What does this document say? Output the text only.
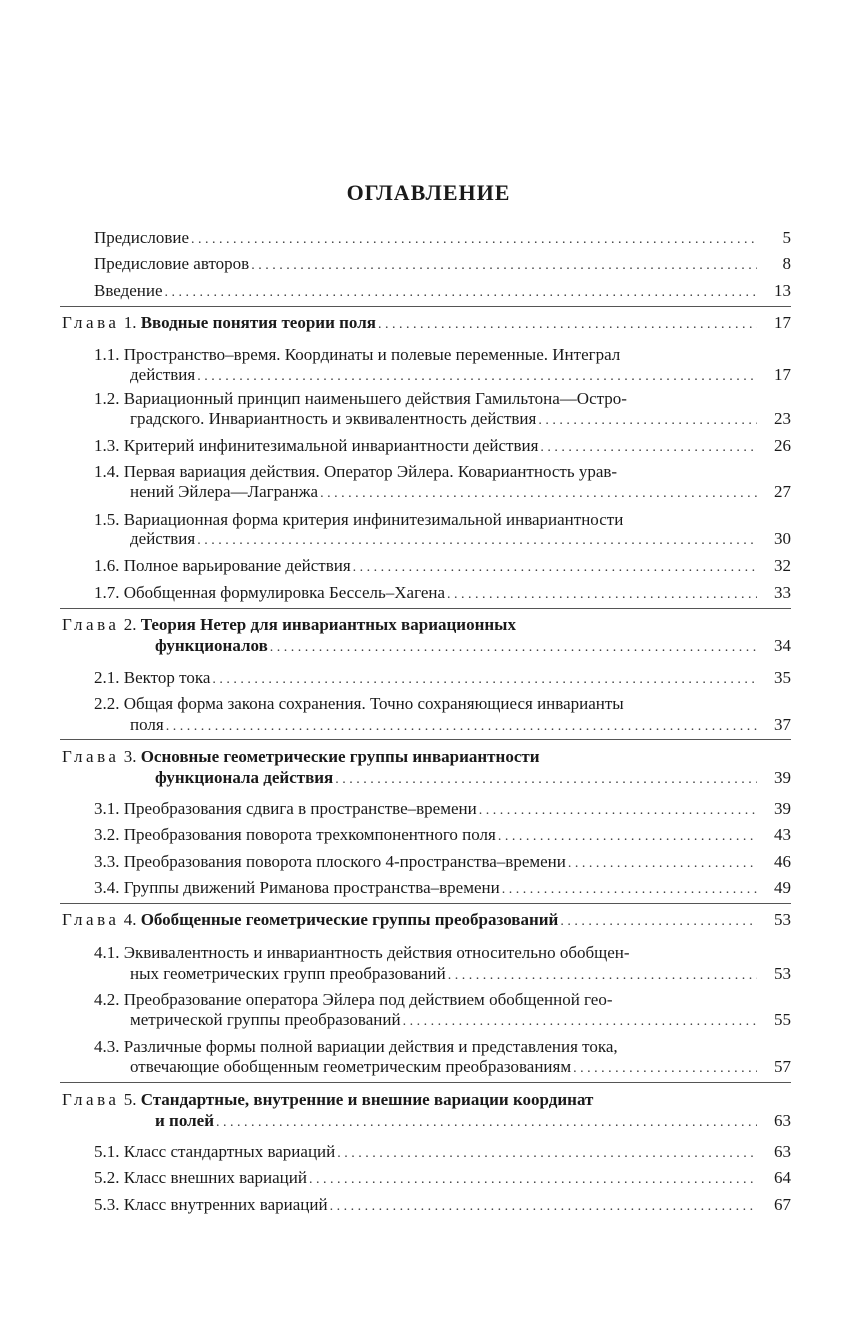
ОГЛАВЛЕНИЕ
Предисловие . . .	5
Предисловие авторов . . .	8
Введение . . .	13
Глава 1. Вводные понятия теории поля . . .	17
1.1. Пространство–время. Координаты и полевые переменные. Интеграл
действия . . .	17
1.2. Вариационный принцип наименьшего действия Гамильтона—Остро-
градского. Инвариантность и эквивалентность действия . . .	23
1.3. Критерий инфинитезимальной инвариантности действия . . .	26
1.4. Первая вариация действия. Оператор Эйлера. Ковариантность урав-
нений Эйлера—Лагранжа . . .	27
1.5. Вариационная форма критерия инфинитезимальной инвариантности
действия . . .	30
1.6. Полное варьирование действия . . .	32
1.7. Обобщенная формулировка Бессель–Хагена . . .	33
Глава 2. Теория Нетер для инвариантных вариационных
функционалов . . .	34
2.1. Вектор тока . . .	35
2.2. Общая форма закона сохранения. Точно сохраняющиеся инварианты
поля . . .	37
Глава 3. Основные геометрические группы инвариантности
функционала действия . . .	39
3.1. Преобразования сдвига в пространстве–времени . . .	39
3.2. Преобразования поворота трехкомпонентного поля . . .	43
3.3. Преобразования поворота плоского 4-пространства–времени . . .	46
3.4. Группы движений Риманова пространства–времени . . .	49
Глава 4. Обобщенные геометрические группы преобразований . . .	53
4.1. Эквивалентность и инвариантность действия относительно обобщен-
ных геометрических групп преобразований . . .	53
4.2. Преобразование оператора Эйлера под действием обобщенной гео-
метрической группы преобразований . . .	55
4.3. Различные формы полной вариации действия и представления тока,
отвечающие обобщенным геометрическим преобразованиям . . .	57
Глава 5. Стандартные, внутренние и внешние вариации координат
и полей . . .	63
5.1. Класс стандартных вариаций . . .	63
5.2. Класс внешних вариаций . . .	64
5.3. Класс внутренних вариаций . . .	67
